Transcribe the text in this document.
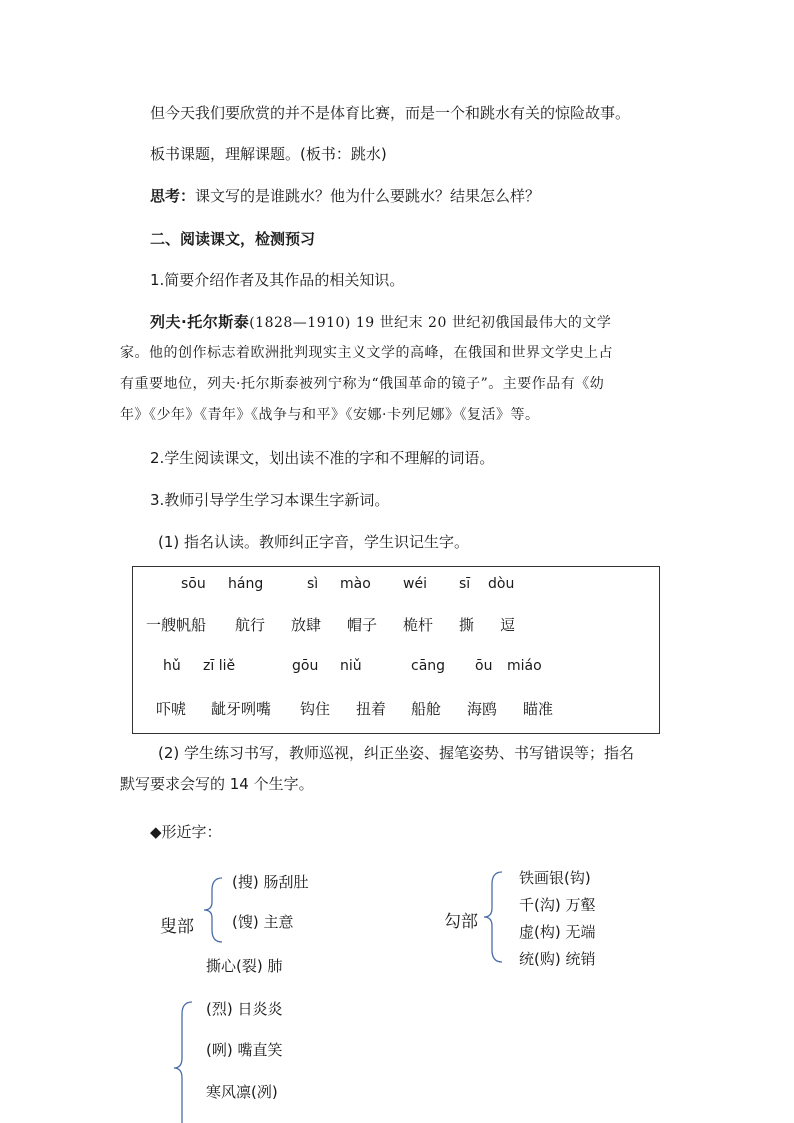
但今天我们要欣赏的并不是体育比赛，而是一个和跳水有关的惊险故事。
板书课题，理解课题。(板书：跳水)
思考：课文写的是谁跳水？他为什么要跳水？结果怎么样？
二、阅读课文，检测预习
1.简要介绍作者及其作品的相关知识。
列夫·托尔斯泰(1828—1910) 19 世纪末 20 世纪初俄国最伟大的文学
家。他的创作标志着欧洲批判现实主义文学的高峰，在俄国和世界文学史上占
有重要地位，列夫·托尔斯泰被列宁称为“俄国革命的镜子”。主要作品有《幼
年》《少年》《青年》《战争与和平》《安娜·卡列尼娜》《复活》等。
2.学生阅读课文，划出读不准的字和不理解的词语。
3.教师引导学生学习本课生字新词。
(1) 指名认读。教师纠正字音，学生识记生字。
sōu háng	sì mào wéi sī dòu
一艘帆船 航行 放肆 帽子 桅杆 撕 逗
hǔ zī liě	gōu niǔ	cāng ōu miáo
吓唬 龇牙咧嘴 钩住 扭着 船舱 海鸥 瞄准
(2) 学生练习书写，教师巡视，纠正坐姿、握笔姿势、书写错误等；指名
默写要求会写的 14 个生字。
◆形近字：
叟部
(搜) 肠刮肚
(馊) 主意
撕心(裂) 肺
勾部
铁画银(钩)
千(沟) 万壑
虚(构) 无端
统(购) 统销
(烈) 日炎炎
(咧) 嘴直笑
寒风凛(冽)
